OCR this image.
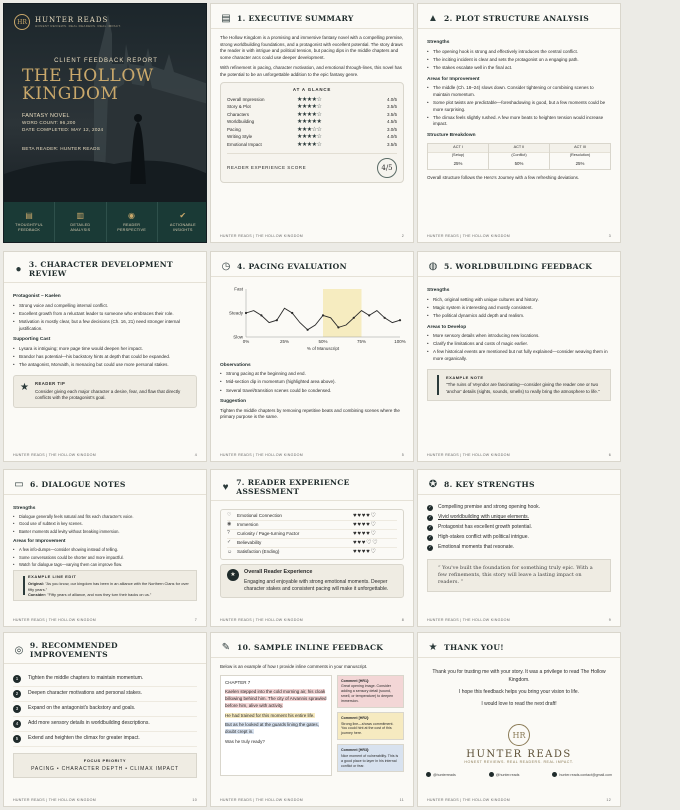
HR	HUNTER READS
HONEST REVIEWS. REAL READERS. REAL IMPACT.
CLIENT FEEDBACK REPORT
THE HOLLOW
KINGDOM
FANTASY NOVEL
WORD COUNT: 96,200
DATE COMPLETED: MAY 12, 2024
BETA READER: HUNTER READS
▤
THOUGHTFUL
FEEDBACK
▥
DETAILED
ANALYSIS
◉
READER
PERSPECTIVE
✔
ACTIONABLE
INSIGHTS
▤ 1. EXECUTIVE SUMMARY

The Hollow Kingdom is a promising and immersive fantasy novel with a compelling premise, strong worldbuilding foundations, and a protagonist with excellent potential. The story draws the reader in with intrigue and political tension, but pacing dips in the middle chapters and some character arcs could use deeper development.

With refinement in pacing, character motivation, and emotional through-lines, this novel has the potential to be an unforgettable addition to the epic fantasy genre.

AT A GLANCE
Overall Impression	★★★★☆	4.0/5
Story & Plot	★★★★☆	3.5/5
Characters	★★★★☆	3.5/5
Worldbuilding	★★★★★	4.5/5
Pacing	★★★☆☆	3.0/5
Writing Style	★★★★☆	4.0/5
Emotional Impact	★★★★☆	3.5/5
READER EXPERIENCE SCORE	4/5
HUNTER READS | THE HOLLOW KINGDOM	2
▲ 2. PLOT STRUCTURE ANALYSIS
Strengths
• The opening hook is strong and effectively introduces the central conflict.
• The inciting incident is clear and sets the protagonist on a engaging path.
• The stakes escalate well in the final act.
Areas for Improvement
• The middle (Ch. 18–24) slows down. Consider tightening or combining scenes to maintain momentum.
• Some plot twists are predictable—foreshadowing is good, but a few moments could be more surprising.
• The climax feels slightly rushed. A few more beats to heighten tension would increase impact.
Structure Breakdown
ACT I
(Setup)
25%
ACT II
(Conflict)
50%
ACT III
(Resolution)
25%

Overall structure follows the Hero's Journey with a few refreshing deviations.

HUNTER READS | THE HOLLOW KINGDOM	3
● 3. CHARACTER DEVELOPMENT REVIEW
Protagonist – Kaelen
• Strong voice and compelling internal conflict.
• Excellent growth from a reluctant leader to someone who embraces their role.
• Motivation is mostly clear, but a few decisions (Ch. 16, 21) need stronger internal justification.
Supporting Cast
• Lysara is intriguing; more page time would deepen her impact.
• Brandor has potential—his backstory hints at depth that could be expanded.
• The antagonist, Morvaith, is menacing but could use more personal stakes.
★ READER TIP
Consider giving each major character a desire, fear, and flaw that directly conflicts with the protagonist's goal.
HUNTER READS | THE HOLLOW KINGDOM	4
◷ 4. PACING EVALUATION
Slow
Steady
Fast
0%	25%	50%	75%	100%
% of Manuscript
Observations
• Strong pacing at the beginning and end.
• Mid-section dip in momentum (highlighted area above).
• Several travel/transition scenes could be condensed.
Suggestion

Tighten the middle chapters by removing repetitive beats and combining scenes where the primary purpose is the same.

HUNTER READS | THE HOLLOW KINGDOM	5
◍ 5. WORLDBUILDING FEEDBACK
Strengths
• Rich, original setting with unique cultures and history.
• Magic system is interesting and mostly consistent.
• The political dynamics add depth and realism.
Areas to Develop
• More sensory details when introducing new locations.
• Clarify the limitations and costs of magic earlier.
• A few historical events are mentioned but not fully explained—consider weaving them in more organically.
EXAMPLE NOTE
"The ruins of Veyndor are fascinating—consider giving the reader one or two 'anchor' details (sights, sounds, smells) to really bring the atmosphere to life."
HUNTER READS | THE HOLLOW KINGDOM	6
▭ 6. DIALOGUE NOTES
Strengths
• Dialogue generally feels natural and fits each character's voice.
• Good use of subtext in key scenes.
• Banter moments add levity without breaking immersion.
Areas for Improvement
• A few info-dumps—consider showing instead of telling.
• Some conversations could be shorter and more impactful.
• Watch for dialogue tags—varying them can improve flow.
EXAMPLE LINE EDIT
Original: "As you know, our kingdom has been in an alliance with the Northern Clans for over fifty years."
Consider: "Fifty years of alliance, and now they turn their backs on us."
HUNTER READS | THE HOLLOW KINGDOM	7
♥	7. READER EXPERIENCE ASSESSMENT
♡	Emotional Connection	♥♥♥♥♡
◉	Immersion	♥♥♥♥♡
?	Curiosity / Page-turning Factor	♥♥♥♥♡
✓	Believability	♥♥♥♡♡
☺	Satisfaction (Ending)	♥♥♥♥♡
★	Overall Reader Experience
Engaging and enjoyable with strong emotional moments. Deeper character stakes and consistent pacing will make it unforgettable.
HUNTER READS | THE HOLLOW KINGDOM	8
✪ 8. KEY STRENGTHS
✓	Compelling premise and strong opening hook.
✓	Vivid worldbuilding with unique elements.
✓	Protagonist has excellent growth potential.
✓	High-stakes conflict with political intrigue.
✓	Emotional moments that resonate.
“ You've built the foundation for something truly epic. With a few refinements, this story will leave a lasting impact on readers. ”
HUNTER READS | THE HOLLOW KINGDOM	9
◎ 9. RECOMMENDED IMPROVEMENTS
1	Tighten the middle chapters to maintain momentum.
2	Deepen character motivations and personal stakes.
3	Expand on the antagonist's backstory and goals.
4	Add more sensory details in worldbuilding descriptions.
5	Extend and heighten the climax for greater impact.
FOCUS PRIORITY
PACING • CHARACTER DEPTH • CLIMAX IMPACT
HUNTER READS | THE HOLLOW KINGDOM	10
✎ 10. SAMPLE INLINE FEEDBACK

Below is an example of how I provide inline comments in your manuscript.

CHAPTER 7

Kaelen stepped into the cold morning air, his cloak billowing behind him. The city of Arvannis sprawled before him, alive with activity.

He had trained for this moment his entire life.

But as he looked at the guards lining the gates, doubt crept in.

Was he truly ready?

Comment [HR1]:
Great opening image. Consider adding a sensory detail (sound, smell, or temperature) to deepen immersion.
Comment [HR2]:
Strong line—shows commitment. You could hint at the cost of this journey here.
Comment [HR3]:
Nice moment of vulnerability. This is a good place to layer in his internal conflict or fear.
HUNTER READS | THE HOLLOW KINGDOM	11
★ THANK YOU!

Thank you for trusting me with your story. It was a privilege to read The Hollow Kingdom.

I hope this feedback helps you bring your vision to life.

I would love to read the next draft!

HR
HUNTER READS
HONEST REVIEWS. REAL READERS. REAL IMPACT.
@hunterreads	@hunter.reads	hunter.reads.contact@gmail.com
HUNTER READS | THE HOLLOW KINGDOM	12
